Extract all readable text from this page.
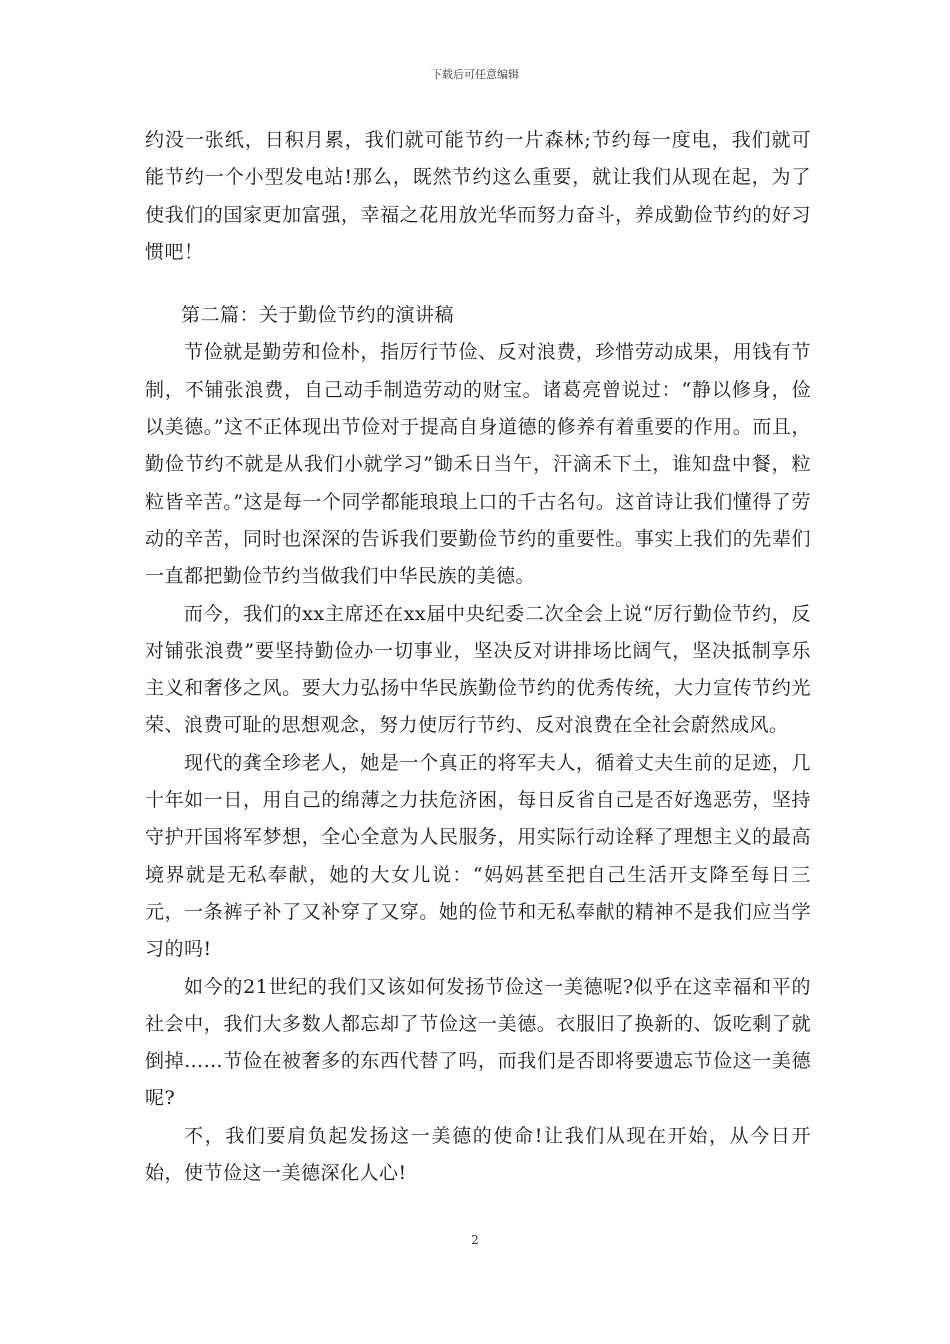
下载后可任意编辑

约没一张纸，日积月累，我们就可能节约一片森林;节约每一度电，我们就可能节约一个小型发电站!那么，既然节约这么重要，就让我们从现在起，为了使我们的国家更加富强，幸福之花用放光华而努力奋斗，养成勤俭节约的好习惯吧！

第二篇：关于勤俭节约的演讲稿

节俭就是勤劳和俭朴，指厉行节俭、反对浪费，珍惜劳动成果，用钱有节制，不铺张浪费，自己动手制造劳动的财宝。诸葛亮曾说过：“静以修身，俭以美德。”这不正体现出节俭对于提高自身道德的修养有着重要的作用。而且，勤俭节约不就是从我们小就学习”锄禾日当午，汗滴禾下土，谁知盘中餐，粒粒皆辛苦。”这是每一个同学都能琅琅上口的千古名句。这首诗让我们懂得了劳动的辛苦，同时也深深的告诉我们要勤俭节约的重要性。事实上我们的先辈们一直都把勤俭节约当做我们中华民族的美德。

而今，我们的xx主席还在xx届中央纪委二次全会上说“厉行勤俭节约，反对铺张浪费”要坚持勤俭办一切事业，坚决反对讲排场比阔气，坚决抵制享乐主义和奢侈之风。要大力弘扬中华民族勤俭节约的优秀传统，大力宣传节约光荣、浪费可耻的思想观念，努力使厉行节约、反对浪费在全社会蔚然成风。

现代的龚全珍老人，她是一个真正的将军夫人，循着丈夫生前的足迹，几十年如一日，用自己的绵薄之力扶危济困，每日反省自己是否好逸恶劳，坚持守护开国将军梦想，全心全意为人民服务，用实际行动诠释了理想主义的最高境界就是无私奉献，她的大女儿说：“妈妈甚至把自己生活开支降至每日三元，一条裤子补了又补穿了又穿。她的俭节和无私奉献的精神不是我们应当学习的吗!

如今的21世纪的我们又该如何发扬节俭这一美德呢?似乎在这幸福和平的社会中，我们大多数人都忘却了节俭这一美德。衣服旧了换新的、饭吃剩了就倒掉……节俭在被奢多的东西代替了吗，而我们是否即将要遗忘节俭这一美德呢?

不，我们要肩负起发扬这一美德的使命!让我们从现在开始，从今日开始，使节俭这一美德深化人心!

2
